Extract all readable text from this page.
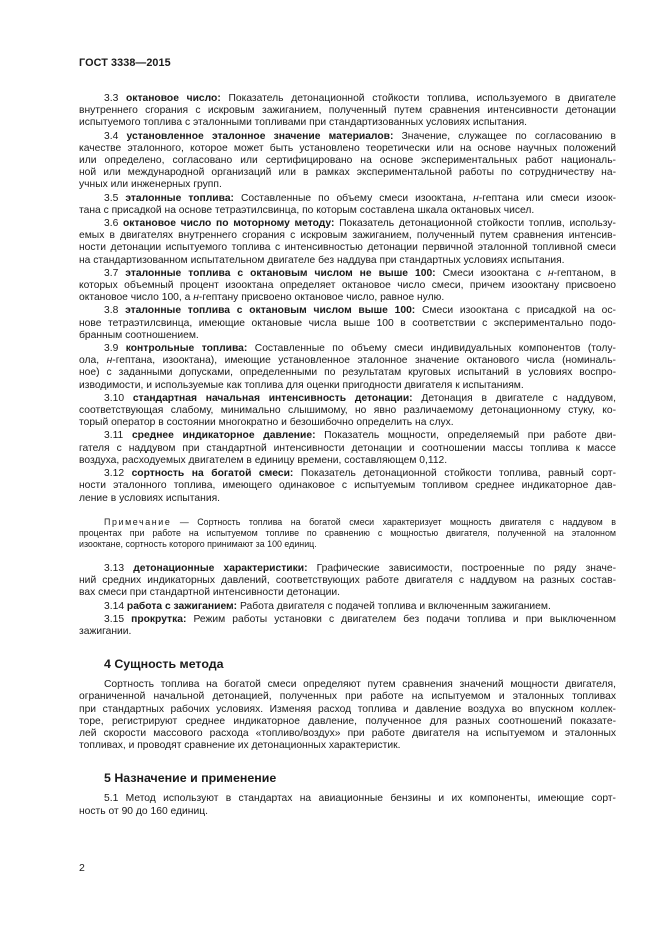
ГОСТ 3338—2015

3.3 октановое число: Показатель детонационной стойкости топлива, используемого в двигателе
внутреннего сгорания с искровым зажиганием, полученный путем сравнения интенсивности детонации
испытуемого топлива с эталонными топливами при стандартизованных условиях испытания.

3.4 установленное эталонное значение материалов: Значение, служащее по согласованию в
качестве эталонного, которое может быть установлено теоретически или на основе научных положений
или определено, согласовано или сертифицировано на основе экспериментальных работ националь-
ной или международной организаций или в рамках экспериментальной работы по сотрудничеству на-
учных или инженерных групп.

3.5 эталонные топлива: Составленные по объему смеси изооктана, н-гептана или смеси изоок-
тана с присадкой на основе тетраэтилсвинца, по которым составлена шкала октановых чисел.

3.6 октановое число по моторному методу: Показатель детонационной стойкости топлив, использу-
емых в двигателях внутреннего сгорания с искровым зажиганием, полученный путем сравнения интенсив-
ности детонации испытуемого топлива с интенсивностью детонации первичной эталонной топливной смеси
на стандартизованном испытательном двигателе без наддува при стандартных условиях испытания.

3.7 эталонные топлива с октановым числом не выше 100: Смеси изооктана с н-гептаном, в
которых объемный процент изооктана определяет октановое число смеси, причем изооктану присвоено
октановое число 100, а н-гептану присвоено октановое число, равное нулю.

3.8 эталонные топлива с октановым числом выше 100: Смеси изооктана с присадкой на ос-
нове тетраэтилсвинца, имеющие октановые числа выше 100 в соответствии с экспериментально подо-
бранным соотношением.

3.9 контрольные топлива: Составленные по объему смеси индивидуальных компонентов (толу-
ола, н-гептана, изооктана), имеющие установленное эталонное значение октанового числа (номиналь-
ное) с заданными допусками, определенными по результатам круговых испытаний в условиях воспро-
изводимости, и используемые как топлива для оценки пригодности двигателя к испытаниям.

3.10 стандартная начальная интенсивность детонации: Детонация в двигателе с наддувом,
соответствующая слабому, минимально слышимому, но явно различаемому детонационному стуку, ко-
торый оператор в состоянии многократно и безошибочно определить на слух.

3.11 среднее индикаторное давление: Показатель мощности, определяемый при работе дви-
гателя с наддувом при стандартной интенсивности детонации и соотношении массы топлива к массе
воздуха, расходуемых двигателем в единицу времени, составляющем 0,112.

3.12 сортность на богатой смеси: Показатель детонационной стойкости топлива, равный сорт-
ности эталонного топлива, имеющего одинаковое с испытуемым топливом среднее индикаторное дав-
ление в условиях испытания.

Примечание — Сортность топлива на богатой смеси характеризует мощность двигателя с наддувом в
процентах при работе на испытуемом топливе по сравнению с мощностью двигателя, полученной на эталонном
изооктане, сортность которого принимают за 100 единиц.

3.13 детонационные характеристики: Графические зависимости, построенные по ряду значе-
ний средних индикаторных давлений, соответствующих работе двигателя с наддувом на разных состав-
вах смеси при стандартной интенсивности детонации.

3.14 работа с зажиганием: Работа двигателя с подачей топлива и включенным зажиганием.

3.15 прокрутка: Режим работы установки с двигателем без подачи топлива и при выключенном
зажигании.

4 Сущность метода

Сортность топлива на богатой смеси определяют путем сравнения значений мощности двигателя,
ограниченной начальной детонацией, полученных при работе на испытуемом и эталонных топливах
при стандартных рабочих условиях. Изменяя расход топлива и давление воздуха во впускном коллек-
торе, регистрируют среднее индикаторное давление, полученное для разных соотношений показате-
лей скорости массового расхода «топливо/воздух» при работе двигателя на испытуемом и эталонных
топливах, и проводят сравнение их детонационных характеристик.

5 Назначение и применение

5.1 Метод используют в стандартах на авиационные бензины и их компоненты, имеющие сорт-
ность от 90 до 160 единиц.

2
